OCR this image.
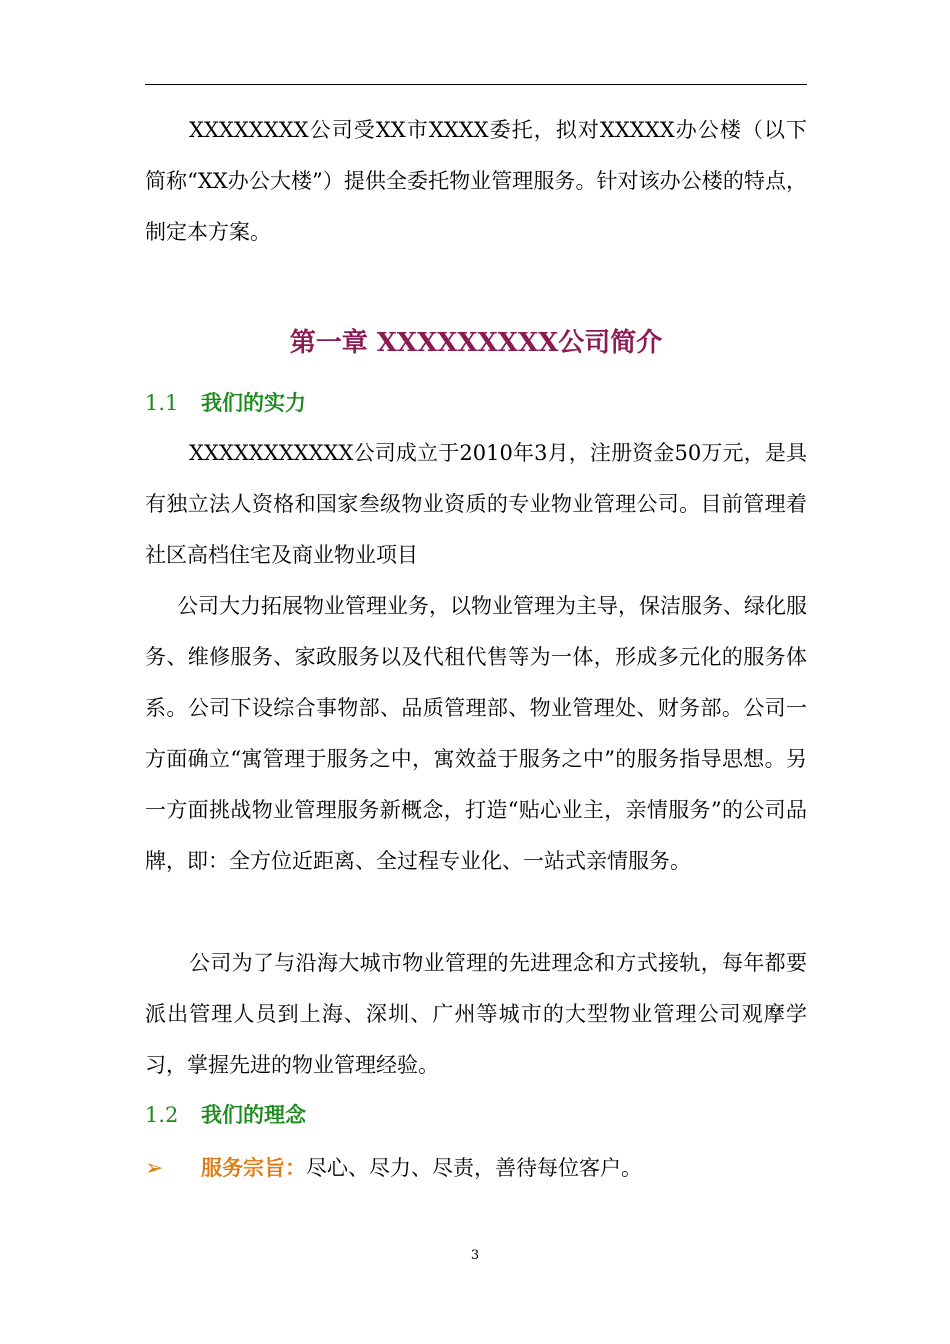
XXXXXXXX公司受XX市XXXX委托，拟对XXXXX办公楼（以下简称“XX办公大楼”）提供全委托物业管理服务。针对该办公楼的特点，制定本方案。

第一章 XXXXXXXXX公司简介
1.1 我们的实力

XXXXXXXXXXX公司成立于2010年3月，注册资金50万元，是具有独立法人资格和国家叁级物业资质的专业物业管理公司。目前管理着社区高档住宅及商业物业项目

公司大力拓展物业管理业务，以物业管理为主导，保洁服务、绿化服务、维修服务、家政服务以及代租代售等为一体，形成多元化的服务体系。公司下设综合事物部、品质管理部、物业管理处、财务部。公司一方面确立“寓管理于服务之中，寓效益于服务之中”的服务指导思想。另一方面挑战物业管理服务新概念，打造“贴心业主，亲情服务”的公司品牌，即：全方位近距离、全过程专业化、一站式亲情服务。

公司为了与沿海大城市物业管理的先进理念和方式接轨，每年都要派出管理人员到上海、深圳、广州等城市的大型物业管理公司观摩学习，掌握先进的物业管理经验。

1.2 我们的理念

➢ 服务宗旨：尽心、尽力、尽责，善待每位客户。

3
